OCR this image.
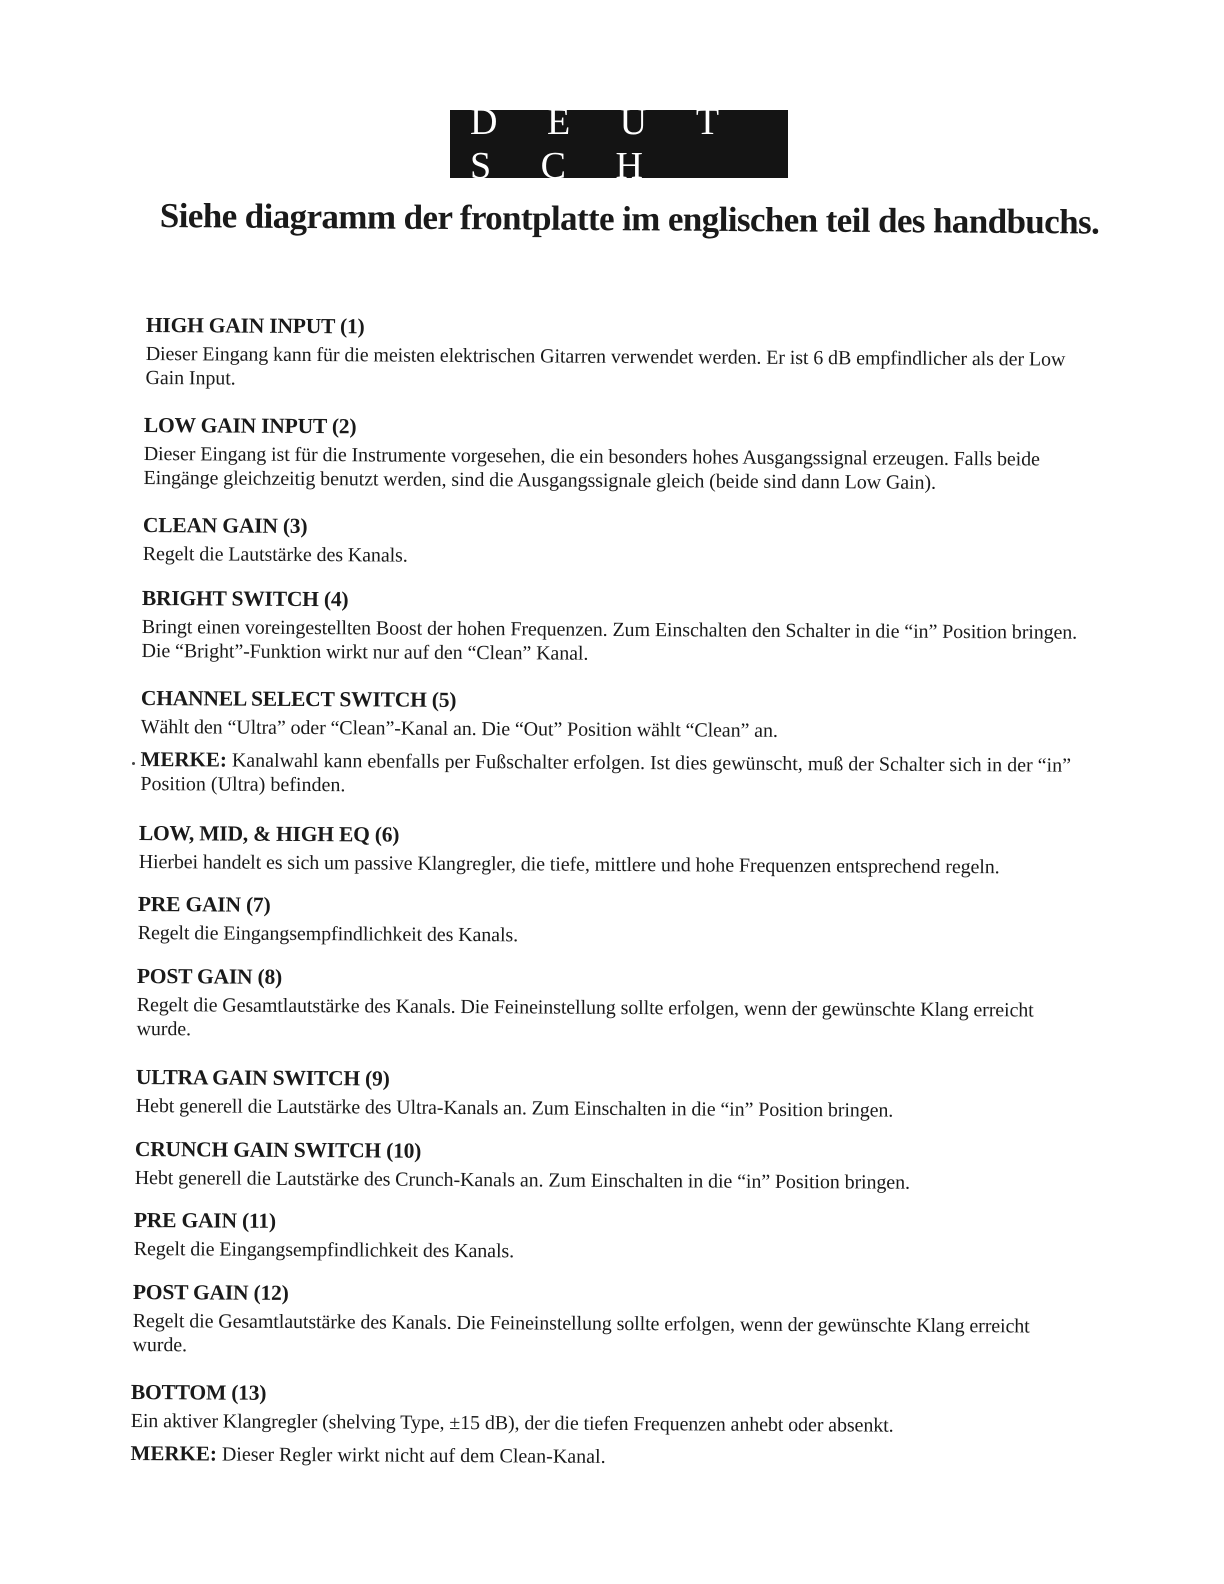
D E U T S C H
Siehe diagramm der frontplatte im englischen teil des handbuchs.
HIGH GAIN INPUT (1)

Dieser Eingang kann für die meisten elektrischen Gitarren verwendet werden. Er ist 6 dB empfindlicher als der Low Gain Input.

LOW GAIN INPUT (2)

Dieser Eingang ist für die Instrumente vorgesehen, die ein besonders hohes Ausgangssignal erzeugen. Falls beide Eingänge gleichzeitig benutzt werden, sind die Ausgangssignale gleich (beide sind dann Low Gain).

CLEAN GAIN (3)

Regelt die Lautstärke des Kanals.

BRIGHT SWITCH (4)

Bringt einen voreingestellten Boost der hohen Frequenzen. Zum Einschalten den Schalter in die “in” Position bringen. Die “Bright”-Funktion wirkt nur auf den “Clean” Kanal.

CHANNEL SELECT SWITCH (5)

Wählt den “Ultra” oder “Clean”-Kanal an. Die “Out” Position wählt “Clean” an.

MERKE: Kanalwahl kann ebenfalls per Fußschalter erfolgen. Ist dies gewünscht, muß der Schalter sich in der “in” Position (Ultra) befinden.

LOW, MID, & HIGH EQ (6)

Hierbei handelt es sich um passive Klangregler, die tiefe, mittlere und hohe Frequenzen entsprechend regeln.

PRE GAIN (7)

Regelt die Eingangsempfindlichkeit des Kanals.

POST GAIN (8)

Regelt die Gesamtlautstärke des Kanals. Die Feineinstellung sollte erfolgen, wenn der gewünschte Klang erreicht wurde.

ULTRA GAIN SWITCH (9)

Hebt generell die Lautstärke des Ultra-Kanals an. Zum Einschalten in die “in” Position bringen.

CRUNCH GAIN SWITCH (10)

Hebt generell die Lautstärke des Crunch-Kanals an. Zum Einschalten in die “in” Position bringen.

PRE GAIN (11)

Regelt die Eingangsempfindlichkeit des Kanals.

POST GAIN (12)

Regelt die Gesamtlautstärke des Kanals. Die Feineinstellung sollte erfolgen, wenn der gewünschte Klang erreicht wurde.

BOTTOM (13)

Ein aktiver Klangregler (shelving Type, ±15 dB), der die tiefen Frequenzen anhebt oder absenkt.

MERKE: Dieser Regler wirkt nicht auf dem Clean-Kanal.
